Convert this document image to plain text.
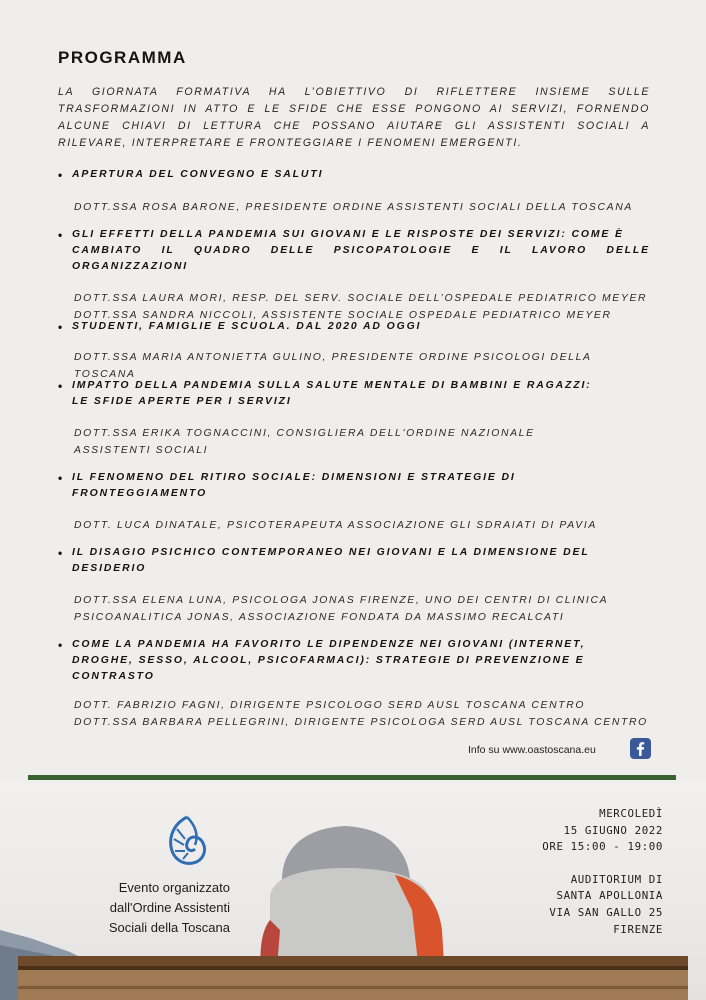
PROGRAMMA

LA GIORNATA FORMATIVA HA L’OBIETTIVO DI RIFLETTERE INSIEME SULLE TRASFORMAZIONI IN ATTO E LE SFIDE CHE ESSE PONGONO AI SERVIZI, FORNENDO ALCUNE CHIAVI DI LETTURA CHE POSSANO AIUTARE GLI ASSISTENTI SOCIALI A RILEVARE, INTERPRETARE E FRONTEGGIARE I FENOMENI EMERGENTI.

• APERTURA DEL CONVEGNO E SALUTI
DOTT.SSA ROSA BARONE, PRESIDENTE ORDINE ASSISTENTI SOCIALI DELLA TOSCANA
• GLI EFFETTI DELLA PANDEMIA SUI GIOVANI E LE RISPOSTE DEI SERVIZI: COME È
CAMBIATO IL QUADRO DELLE PSICOPATOLOGIE E IL LAVORO DELLE ORGANIZZAZIONI
DOTT.SSA LAURA MORI, RESP. DEL SERV. SOCIALE DELL’OSPEDALE PEDIATRICO MEYER
DOTT.SSA SANDRA NICCOLI, ASSISTENTE SOCIALE OSPEDALE PEDIATRICO MEYER
• STUDENTI, FAMIGLIE E SCUOLA. DAL 2020 AD OGGI
DOTT.SSA MARIA ANTONIETTA GULINO, PRESIDENTE ORDINE PSICOLOGI DELLA TOSCANA
• IMPATTO DELLA PANDEMIA SULLA SALUTE MENTALE DI BAMBINI E RAGAZZI:
LE SFIDE APERTE PER I SERVIZI
DOTT.SSA ERIKA TOGNACCINI, CONSIGLIERA DELL'ORDINE NAZIONALE
ASSISTENTI SOCIALI
• IL FENOMENO DEL RITIRO SOCIALE: DIMENSIONI E STRATEGIE DI
FRONTEGGIAMENTO
DOTT. LUCA DINATALE, PSICOTERAPEUTA ASSOCIAZIONE GLI SDRAIATI DI PAVIA
• IL DISAGIO PSICHICO CONTEMPORANEO NEI GIOVANI E LA DIMENSIONE DEL
DESIDERIO
DOTT.SSA ELENA LUNA, PSICOLOGA JONAS FIRENZE, UNO DEI CENTRI DI CLINICA
PSICOANALITICA JONAS, ASSOCIAZIONE FONDATA DA MASSIMO RECALCATI
• COME LA PANDEMIA HA FAVORITO LE DIPENDENZE NEI GIOVANI (INTERNET,
DROGHE, SESSO, ALCOOL, PSICOFARMACI): STRATEGIE DI PREVENZIONE E
CONTRASTO
DOTT. FABRIZIO FAGNI, DIRIGENTE PSICOLOGO SERD AUSL TOSCANA CENTRO
DOTT.SSA BARBARA PELLEGRINI, DIRIGENTE PSICOLOGA SERD AUSL TOSCANA CENTRO
Info su www.oastoscana.eu
Evento organizzato dall'Ordine Assistenti Sociali della Toscana
MERCOLEDÌ
15 GIUGNO 2022
ORE 15:00 - 19:00
AUDITORIUM DI
SANTA APOLLONIA
VIA SAN GALLO 25
FIRENZE
